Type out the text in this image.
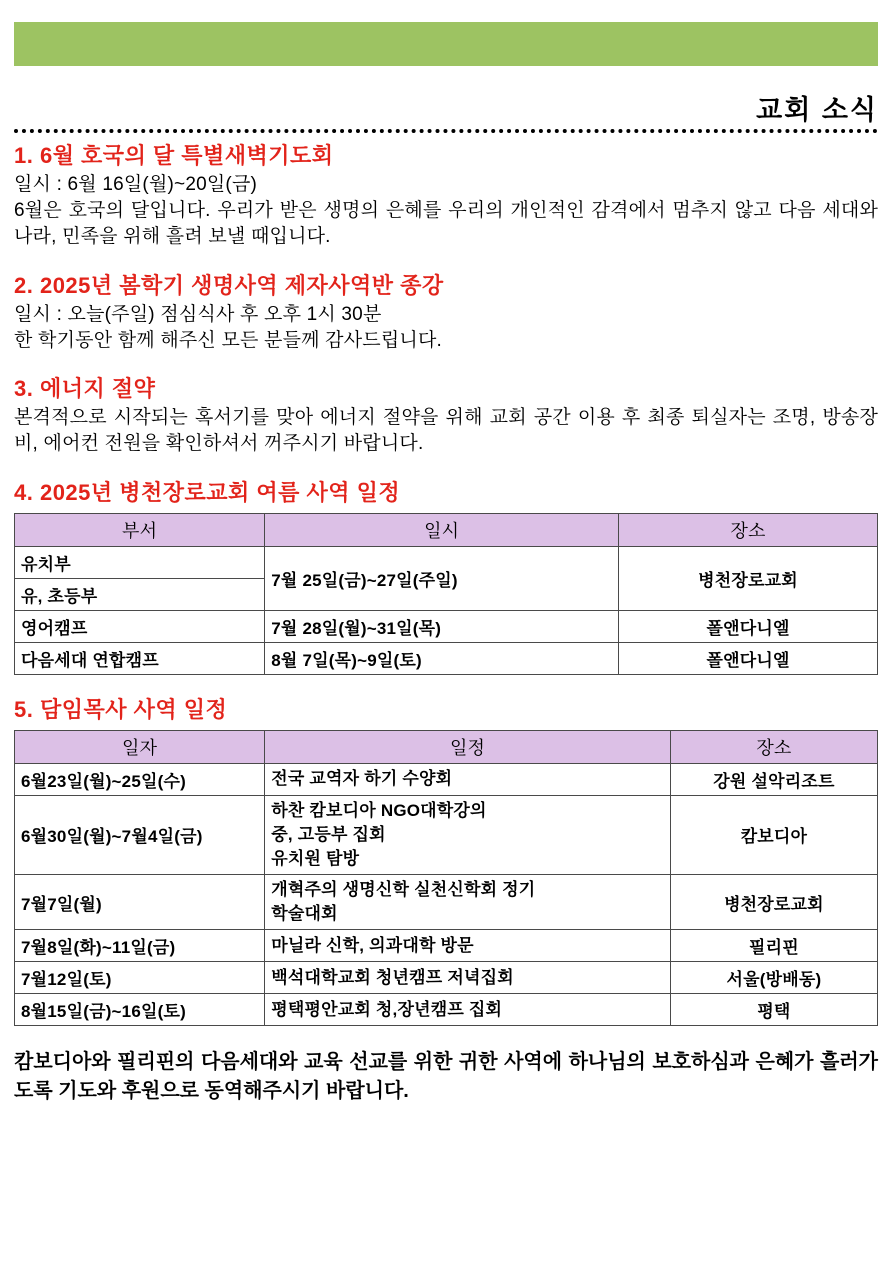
교회 소식
1. 6월 호국의 달 특별새벽기도회

일시 : 6월 16일(월)~20일(금)

6월은 호국의 달입니다. 우리가 받은 생명의 은혜를 우리의 개인적인 감격에서 멈추지 않고 다음 세대와 나라, 민족을 위해 흘려 보낼 때입니다.

2. 2025년 봄학기 생명사역 제자사역반 종강

일시 : 오늘(주일) 점심식사 후 오후 1시 30분

한 학기동안 함께 해주신 모든 분들께 감사드립니다.

3. 에너지 절약

본격적으로 시작되는 혹서기를 맞아 에너지 절약을 위해 교회 공간 이용 후 최종 퇴실자는 조명, 방송장비, 에어컨 전원을 확인하셔서 꺼주시기 바랍니다.

4. 2025년 병천장로교회 여름 사역 일정
부서	일시	장소
유치부	7월 25일(금)~27일(주일)	병천장로교회
유, 초등부		
영어캠프	7월 28일(월)~31일(목)	폴앤다니엘
다음세대 연합캠프	8월 7일(목)~9일(토)	폴앤다니엘
5. 담임목사 사역 일정
일자	일정	장소
6월23일(월)~25일(수)	전국 교역자 하기 수양회	강원 설악리조트
6월30일(월)~7월4일(금)	하찬 캄보디아 NGO대학강의
중, 고등부 집회
유치원 탐방	캄보디아
7월7일(월)	개혁주의 생명신학 실천신학회 정기
학술대회	병천장로교회
7월8일(화)~11일(금)	마닐라 신학, 의과대학 방문	필리핀
7월12일(토)	백석대학교회 청년캠프 저녁집회	서울(방배동)
8월15일(금)~16일(토)	평택평안교회 청,장년캠프 집회	평택

캄보디아와 필리핀의 다음세대와 교육 선교를 위한 귀한 사역에 하나님의 보호하심과 은혜가 흘러가도록 기도와 후원으로 동역해주시기 바랍니다.
